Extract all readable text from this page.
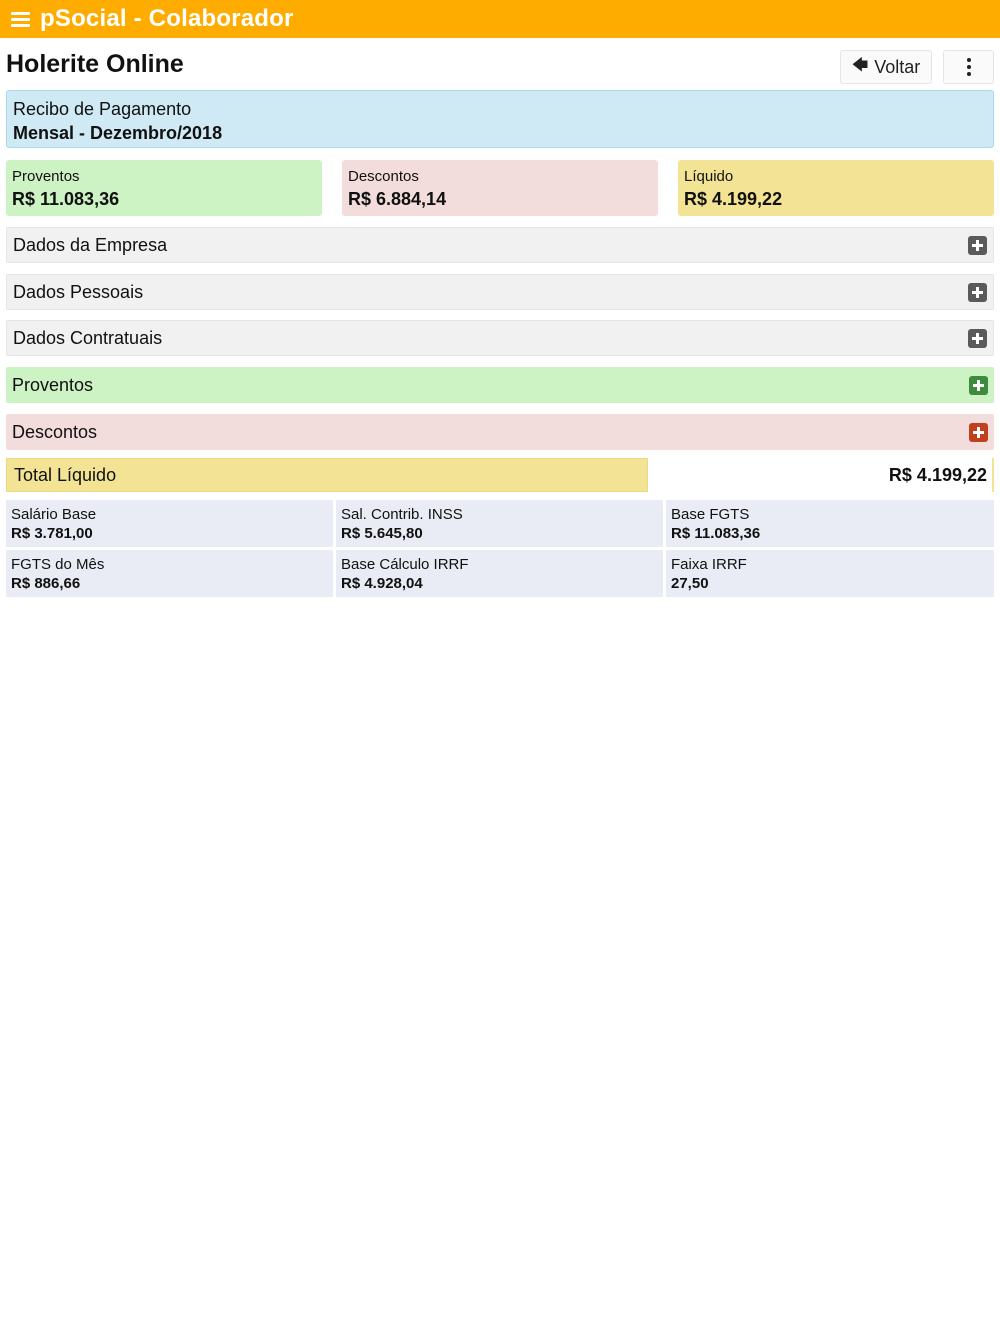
pSocial - Colaborador
Holerite Online	🡄 Voltar
Recibo de Pagamento
Mensal - Dezembro/2018
Proventos
R$ 11.083,36
Descontos
R$ 6.884,14
Líquido
R$ 4.199,22
Dados da Empresa
Dados Pessoais
Dados Contratuais
Proventos
Descontos
Total Líquido	R$ 4.199,22
Salário Base
R$ 3.781,00
Sal. Contrib. INSS
R$ 5.645,80
Base FGTS
R$ 11.083,36
FGTS do Mês
R$ 886,66
Base Cálculo IRRF
R$ 4.928,04
Faixa IRRF
27,50
